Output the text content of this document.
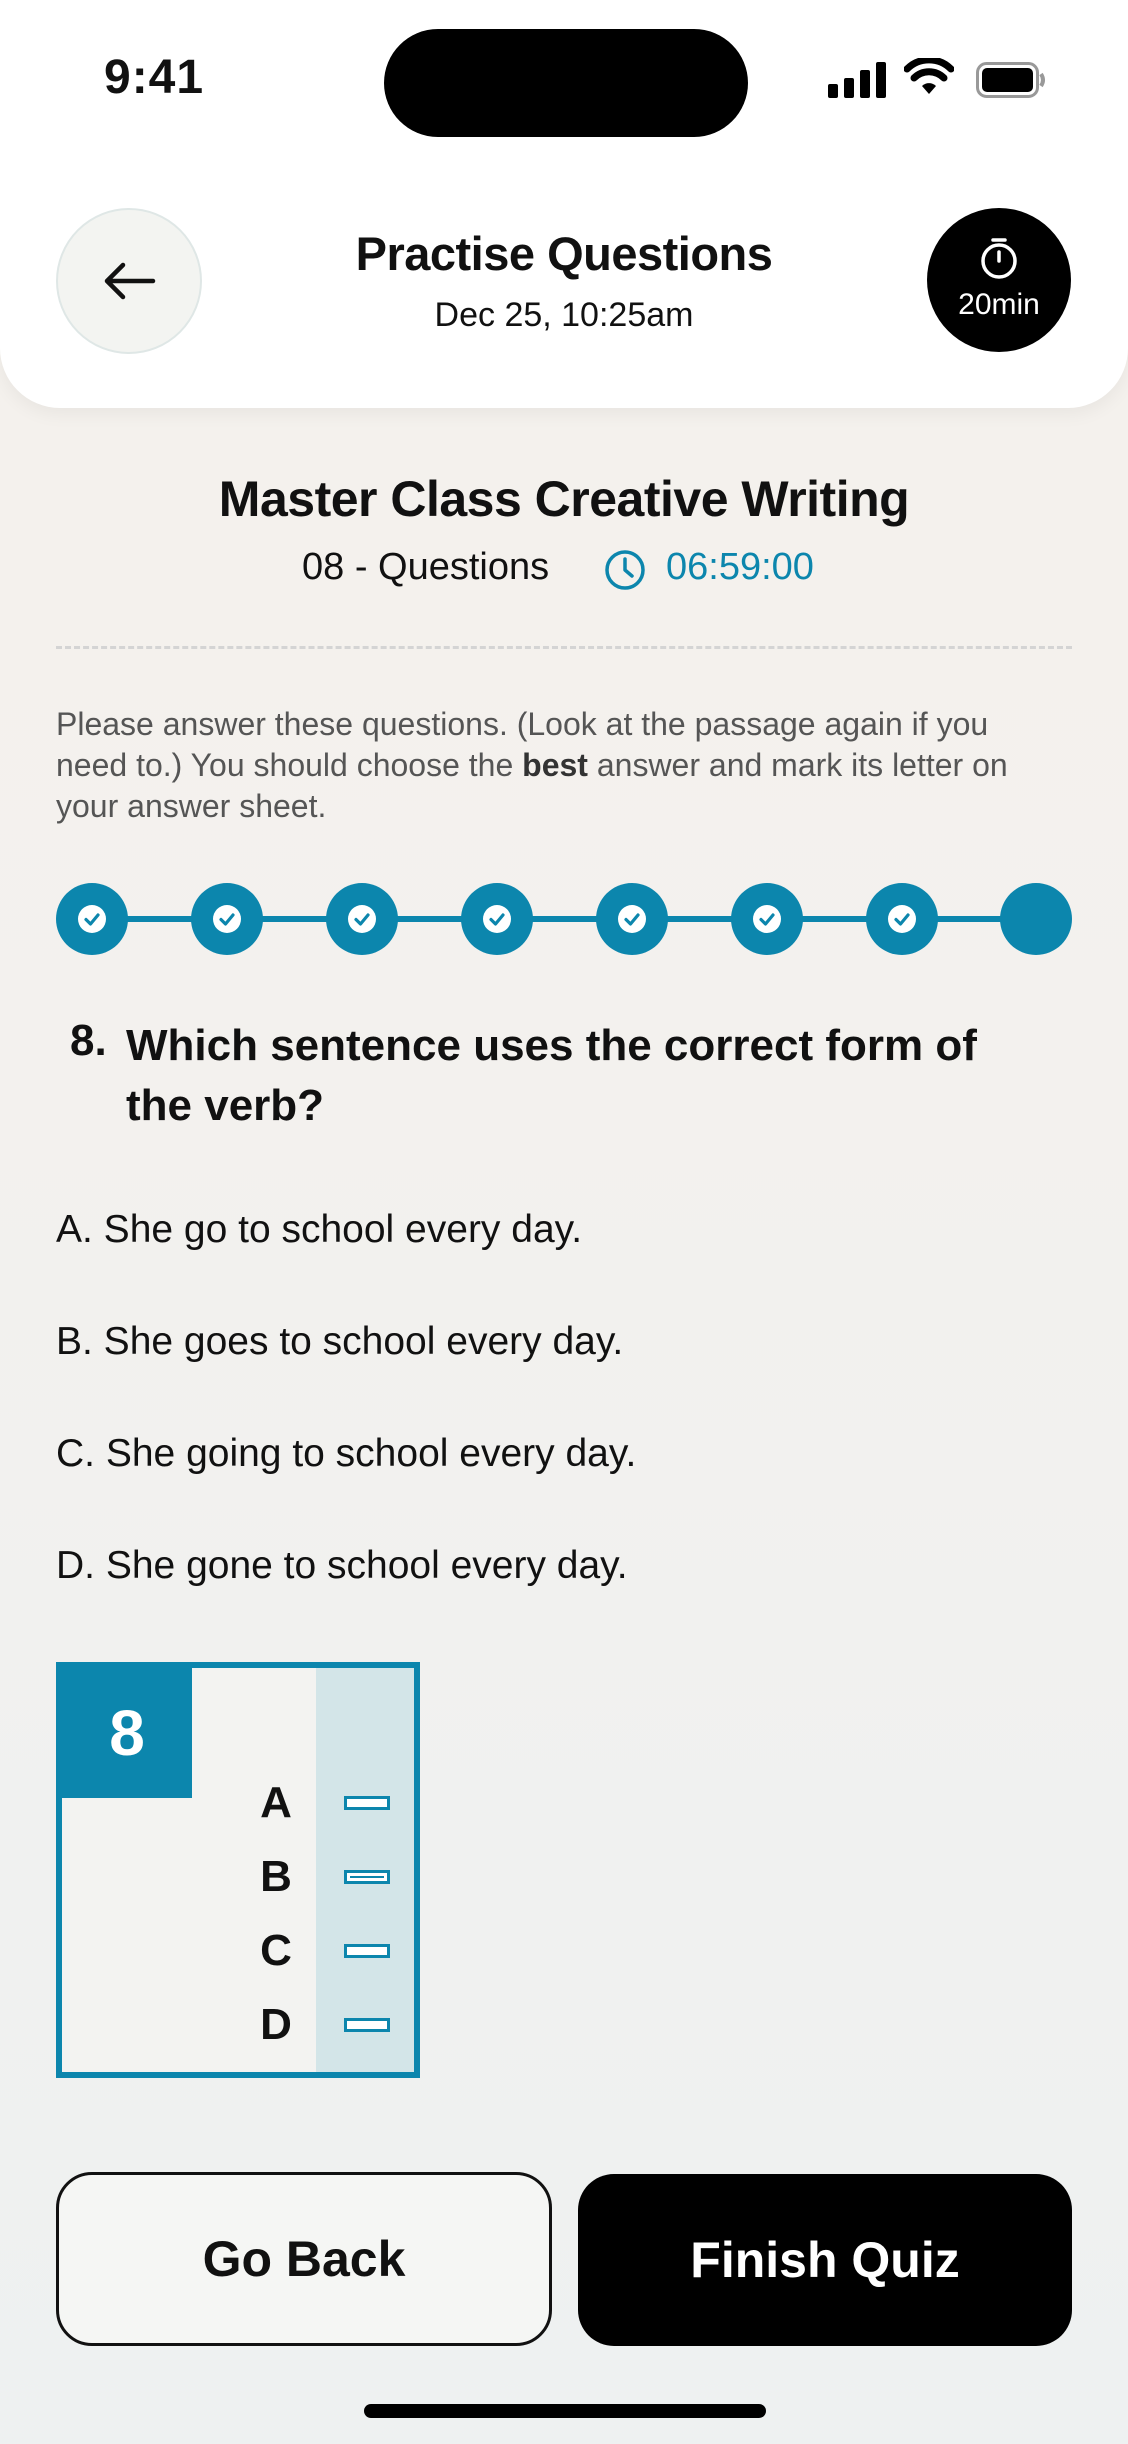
9:41
Practise Questions
Dec 25, 10:25am	20min
Master Class Creative Writing
08 - Questions	06:59:00
Please answer these questions. (Look at the passage again if you need to.) You should choose the best answer and mark its letter on your answer sheet.
8. Which sentence uses the correct form of the verb?
A. She go to school every day.
B. She goes to school every day.
C. She going to school every day.
D. She gone to school every day.
8
A
B
C
D
Go Back	Finish Quiz
